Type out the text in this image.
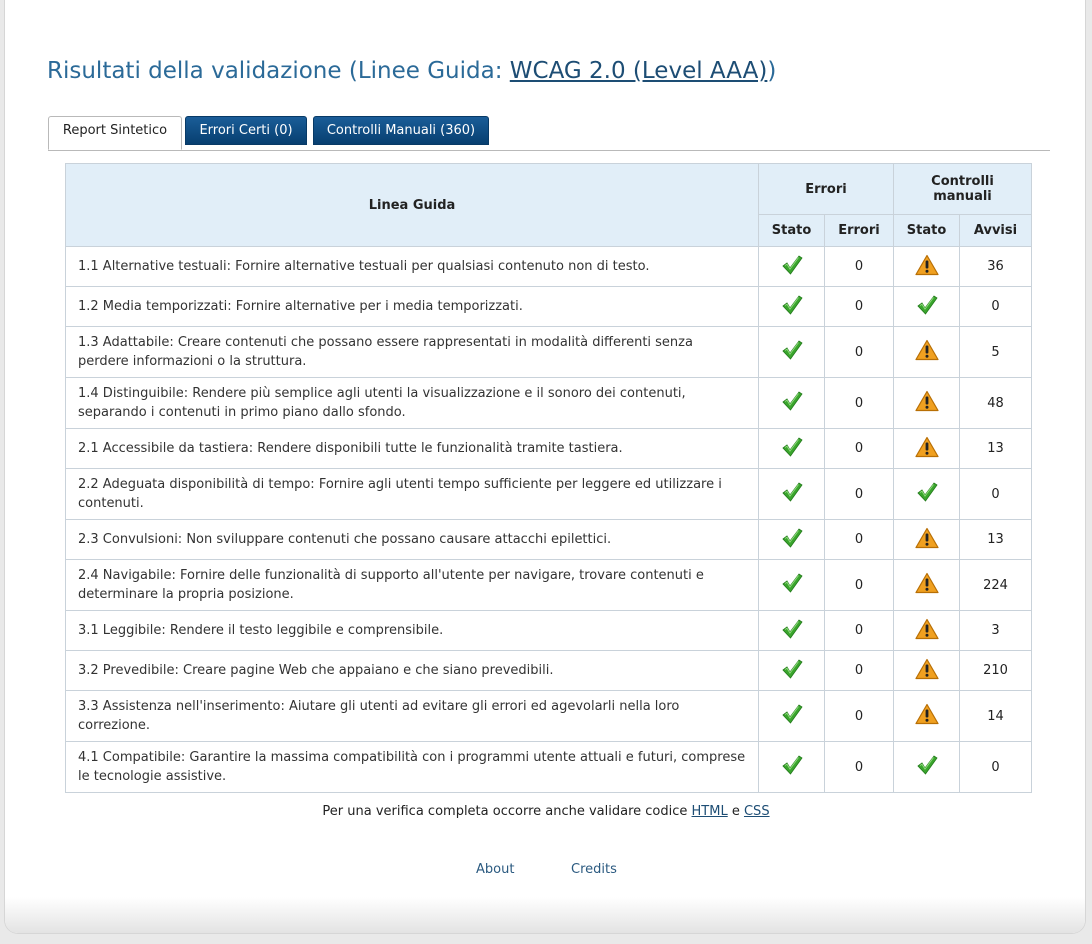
Risultati della validazione (Linee Guida: WCAG 2.0 (Level AAA))
Report Sintetico	Errori Certi (0)	Controlli Manuali (360)
Linea Guida	Errori		Controlli manuali	
	Stato	Errori	Stato	Avvisi
1.1 Alternative testuali: Fornire alternative testuali per qualsiasi contenuto non di testo.		0		36
1.2 Media temporizzati: Fornire alternative per i media temporizzati.		0		0
1.3 Adattabile: Creare contenuti che possano essere rappresentati in modalità differenti senza perdere informazioni o la struttura.		0		5
1.4 Distinguibile: Rendere più semplice agli utenti la visualizzazione e il sonoro dei contenuti, separando i contenuti in primo piano dallo sfondo.		0		48
2.1 Accessibile da tastiera: Rendere disponibili tutte le funzionalità tramite tastiera.		0		13
2.2 Adeguata disponibilità di tempo: Fornire agli utenti tempo sufficiente per leggere ed utilizzare i contenuti.		0		0
2.3 Convulsioni: Non sviluppare contenuti che possano causare attacchi epilettici.		0		13
2.4 Navigabile: Fornire delle funzionalità di supporto all'utente per navigare, trovare contenuti e determinare la propria posizione.		0		224
3.1 Leggibile: Rendere il testo leggibile e comprensibile.		0		3
3.2 Prevedibile: Creare pagine Web che appaiano e che siano prevedibili.		0		210
3.3 Assistenza nell'inserimento: Aiutare gli utenti ad evitare gli errori ed agevolarli nella loro correzione.		0		14
4.1 Compatibile: Garantire la massima compatibilità con i programmi utente attuali e futuri, comprese le tecnologie assistive.		0		0
Per una verifica completa occorre anche validare codice HTML e CSS
About	Credits
